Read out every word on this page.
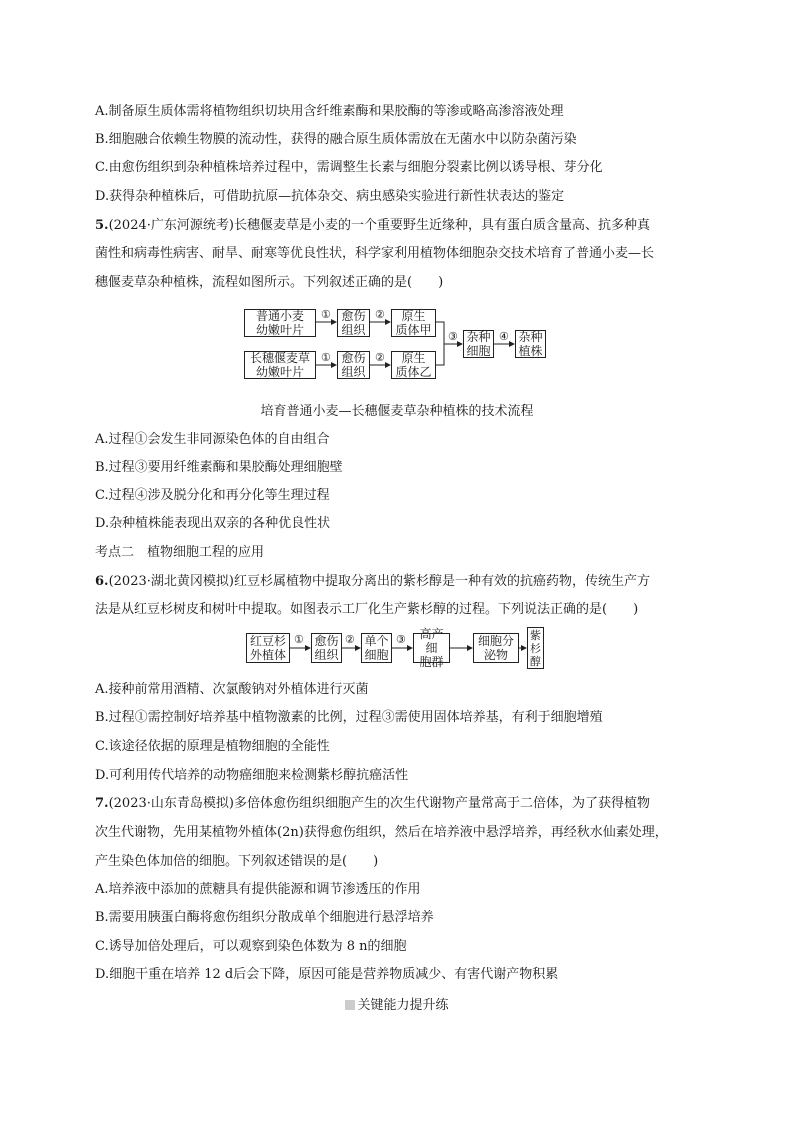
A.制备原生质体需将植物组织切块用含纤维素酶和果胶酶的等渗或略高渗溶液处理
B.细胞融合依赖生物膜的流动性，获得的融合原生质体需放在无菌水中以防杂菌污染
C.由愈伤组织到杂种植株培养过程中，需调整生长素与细胞分裂素比例以诱导根、芽分化
D.获得杂种植株后，可借助抗原—抗体杂交、病虫感染实验进行新性状表达的鉴定
5.(2024·广东河源统考)长穗偃麦草是小麦的一个重要野生近缘种，具有蛋白质含量高、抗多种真
菌性和病毒性病害、耐旱、耐寒等优良性状，科学家利用植物体细胞杂交技术培育了普通小麦—长
穗偃麦草杂种植株，流程如图所示。下列叙述正确的是(　　)
普通小麦
幼嫩叶片
长穗偃麦草
幼嫩叶片
愈伤
组织
愈伤
组织
原生
质体甲
原生
质体乙
杂种
细胞
杂种
植株
①	②
①	②
③	④
培育普通小麦—长穗偃麦草杂种植株的技术流程
A.过程①会发生非同源染色体的自由组合
B.过程③要用纤维素酶和果胶酶处理细胞壁
C.过程④涉及脱分化和再分化等生理过程
D.杂种植株能表现出双亲的各种优良性状
考点二　植物细胞工程的应用
6.(2023·湖北黄冈模拟)红豆杉属植物中提取分离出的紫杉醇是一种有效的抗癌药物，传统生产方
法是从红豆杉树皮和树叶中提取。如图表示工厂化生产紫杉醇的过程。下列说法正确的是(　　)
红豆杉
外植体
愈伤
组织
单个
细胞
高产细
胞群
细胞分
泌物
紫
杉
醇
①	②	③
A.接种前常用酒精、次氯酸钠对外植体进行灭菌
B.过程①需控制好培养基中植物激素的比例，过程③需使用固体培养基，有利于细胞增殖
C.该途径依据的原理是植物细胞的全能性
D.可利用传代培养的动物癌细胞来检测紫杉醇抗癌活性
7.(2023·山东青岛模拟)多倍体愈伤组织细胞产生的次生代谢物产量常高于二倍体，为了获得植物
次生代谢物，先用某植物外植体(2n)获得愈伤组织，然后在培养液中悬浮培养，再经秋水仙素处理，
产生染色体加倍的细胞。下列叙述错误的是(　　)
A.培养液中添加的蔗糖具有提供能源和调节渗透压的作用
B.需要用胰蛋白酶将愈伤组织分散成单个细胞进行悬浮培养
C.诱导加倍处理后，可以观察到染色体数为 8 n的细胞
D.细胞干重在培养 12 d后会下降，原因可能是营养物质减少、有害代谢产物积累
关键能力提升练
